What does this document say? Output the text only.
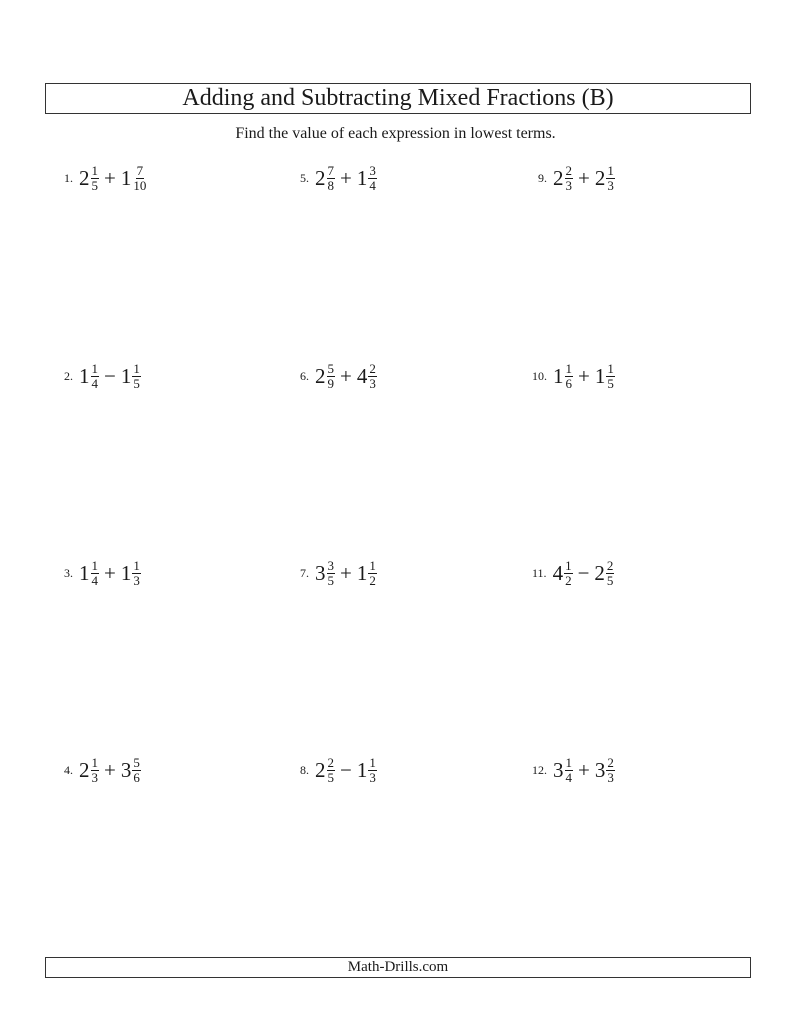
Adding and Subtracting Mixed Fractions (B)
Find the value of each expression in lowest terms.
1. $2 \frac{1}{5} + 1 \frac{7}{10}$
2. $1 \frac{1}{4} - 1 \frac{1}{5}$
3. $1 \frac{1}{4} + 1 \frac{1}{3}$
4. $2 \frac{1}{3} + 3 \frac{5}{6}$
5. $2 \frac{7}{8} + 1 \frac{3}{4}$
6. $2 \frac{5}{9} + 4 \frac{2}{3}$
7. $3 \frac{3}{5} + 1 \frac{1}{2}$
8. $2 \frac{2}{5} - 1 \frac{1}{3}$
9. $2 \frac{2}{3} + 2 \frac{1}{3}$
10. $1 \frac{1}{6} + 1 \frac{1}{5}$
11. $4 \frac{1}{2} - 2 \frac{2}{5}$
12. $3 \frac{1}{4} + 3 \frac{2}{3}$
Math-Drills.com
